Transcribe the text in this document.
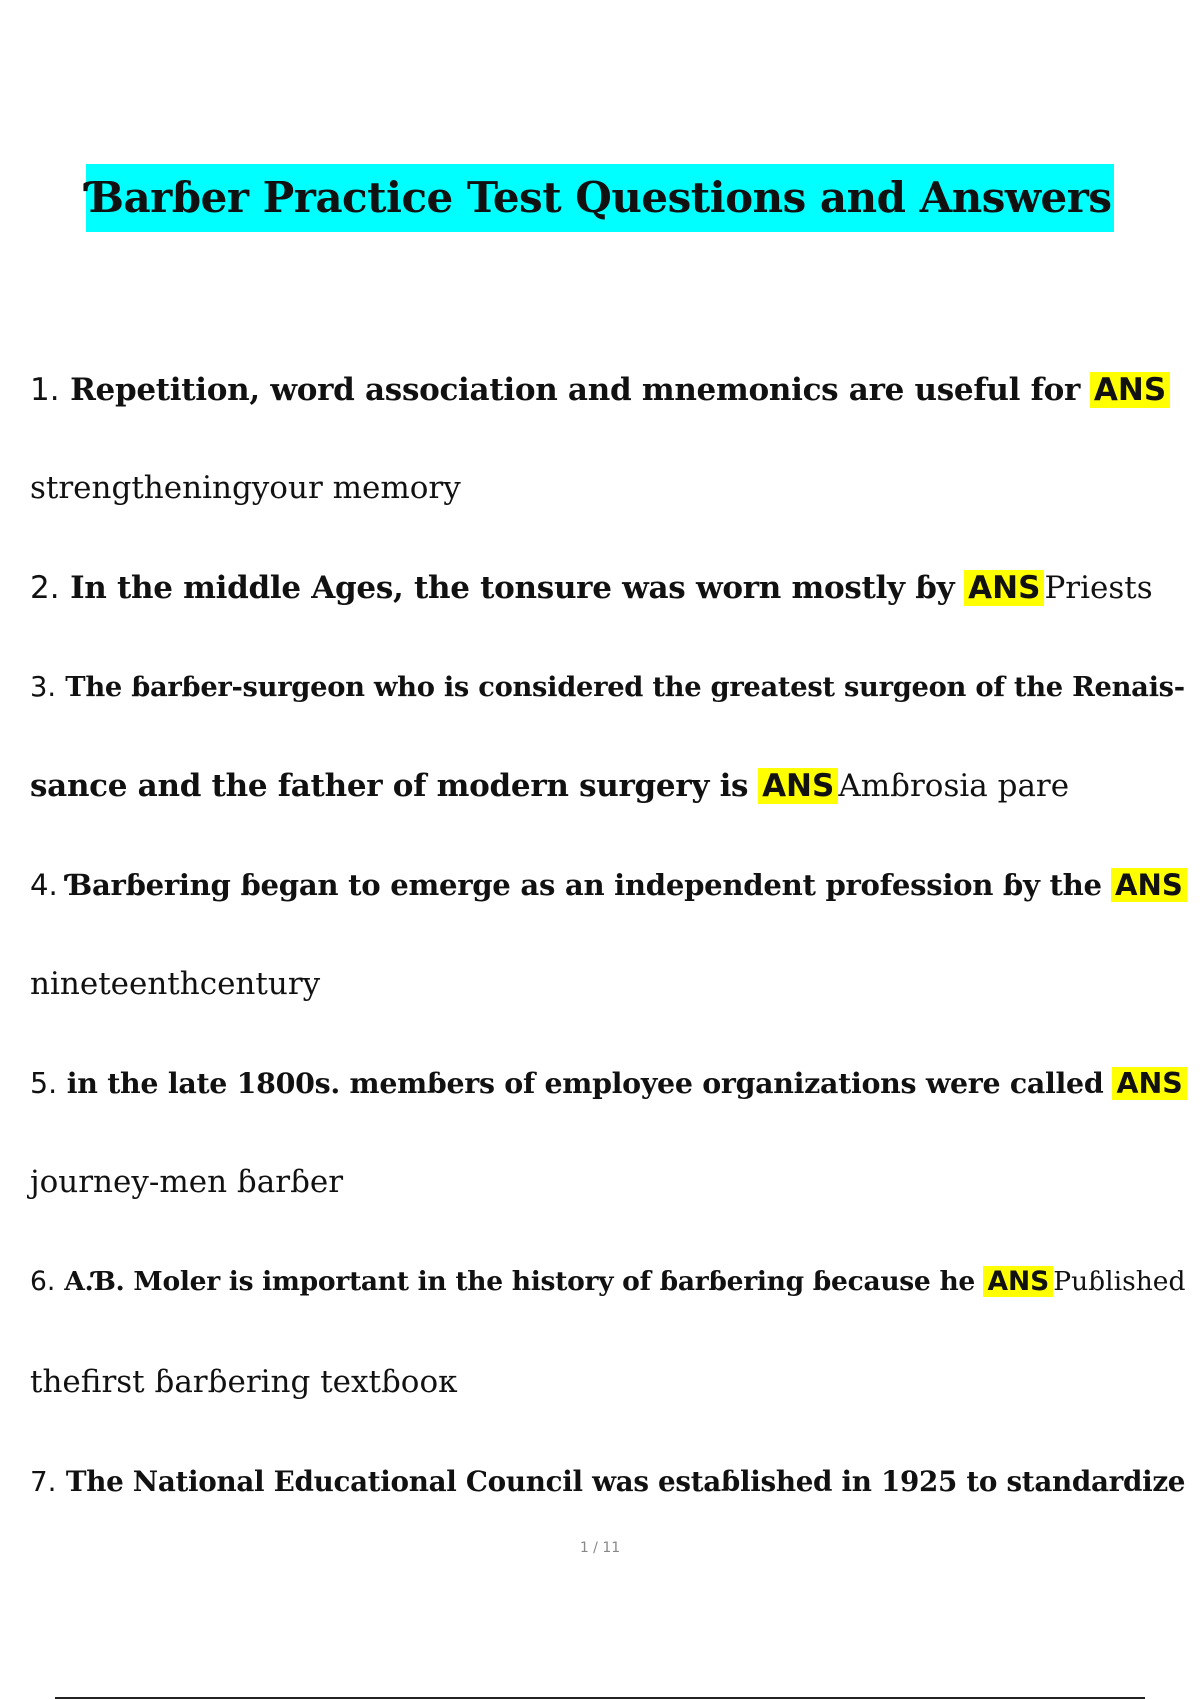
Ɓarɓer Practice Test Questions and Answers
1. Repetition, word association and mnemonics are useful for ANS
strengtheningyour memory
2. In the middle Ages, the tonsure was worn mostly ɓy ANS Priests
3. The ɓarɓer-surgeon who is considered the greatest surgeon of the Renais-
sance and the father of modern surgery is ANS Amɓrosia pare
4. Ɓarɓering ɓegan to emerge as an independent profession ɓy the ANS
nineteenthcentury
5. in the late 1800s. memɓers of employee organizations were called ANS
journey-men ɓarɓer
6. A.Ɓ. Moler is important in the history of ɓarɓering ɓecause he ANS Puɓlished
thefirst ɓarɓering textɓooк
7. The National Educational Council was estaɓlished in 1925 to standardize
1 / 11
